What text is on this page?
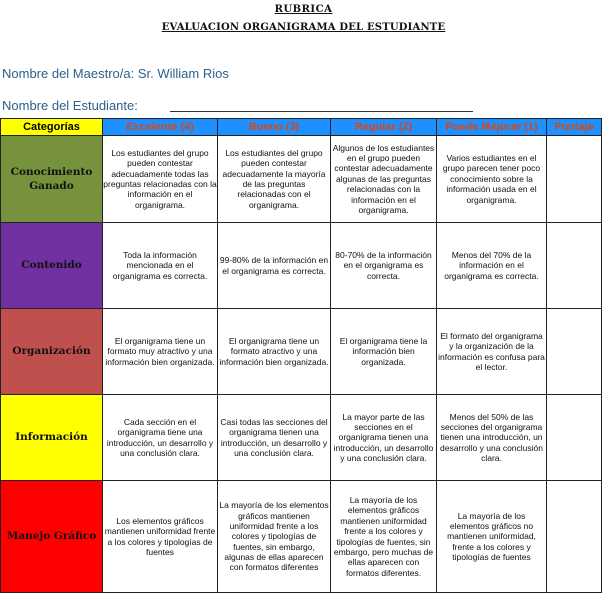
RUBRICA
EVALUACION ORGANIGRAMA DEL ESTUDIANTE
Nombre del Maestro/a: Sr. William Rios
Nombre del Estudiante:
Categorías	Excelente (4)	Bueno (3)	Regular (2)	Puede Mejorar (1)	Puntaje
Conocimiento Ganado	Los estudiantes del grupo pueden contestar adecuadamente todas las preguntas relacionadas con la información en el organigrama.	Los estudiantes del grupo pueden contestar adecuadamente la mayoría de las preguntas relacionadas con el organigrama.	Algunos de los estudiantes en el grupo pueden contestar adecuadamente algunas de las preguntas relacionadas con la información en el organigrama.	Varios estudiantes en el grupo parecen tener poco conocimiento sobre la información usada en el organigrama.	
Contenido	Toda la información mencionada en el organigrama es correcta.	99-80% de la información en el organigrama es correcta.	80-70% de la información en el organigrama es correcta.	Menos del 70% de la información en el organigrama es correcta.	
Organización	El organigrama tiene un formato muy atractivo y una información bien organizada.	El organigrama tiene un formato atractivo y una información bien organizada.	El organigrama tiene la información bien organizada.	El formato del organigrama y la organización de la información es confusa para el lector.	
Información	Cada sección en el organigrama tiene una introducción, un desarrollo y una conclusión clara.	Casi todas las secciones del organigrama tienen una introducción, un desarrollo y una conclusión clara.	La mayor parte de las secciones en el organigrama tienen una introducción, un desarrollo y una conclusión clara.	Menos del 50% de las secciones del organigrama tienen una introducción, un desarrollo y una conclusión clara.	
Manejo Gráfico	Los elementos gráficos mantienen uniformidad frente a los colores y tipologías de fuentes	La mayoría de los elementos gráficos mantienen uniformidad frente a los colores y tipologías de fuentes, sin embargo, algunas de ellas aparecen con formatos diferentes	La mayoría de los elementos gráficos mantienen uniformidad frente a los colores y tipologías de fuentes, sin embargo, pero muchas de ellas aparecen con formatos diferentes.	La mayoría de los elementos gráficos no mantienen uniformidad, frente a los colores y tipologías de fuentes	
